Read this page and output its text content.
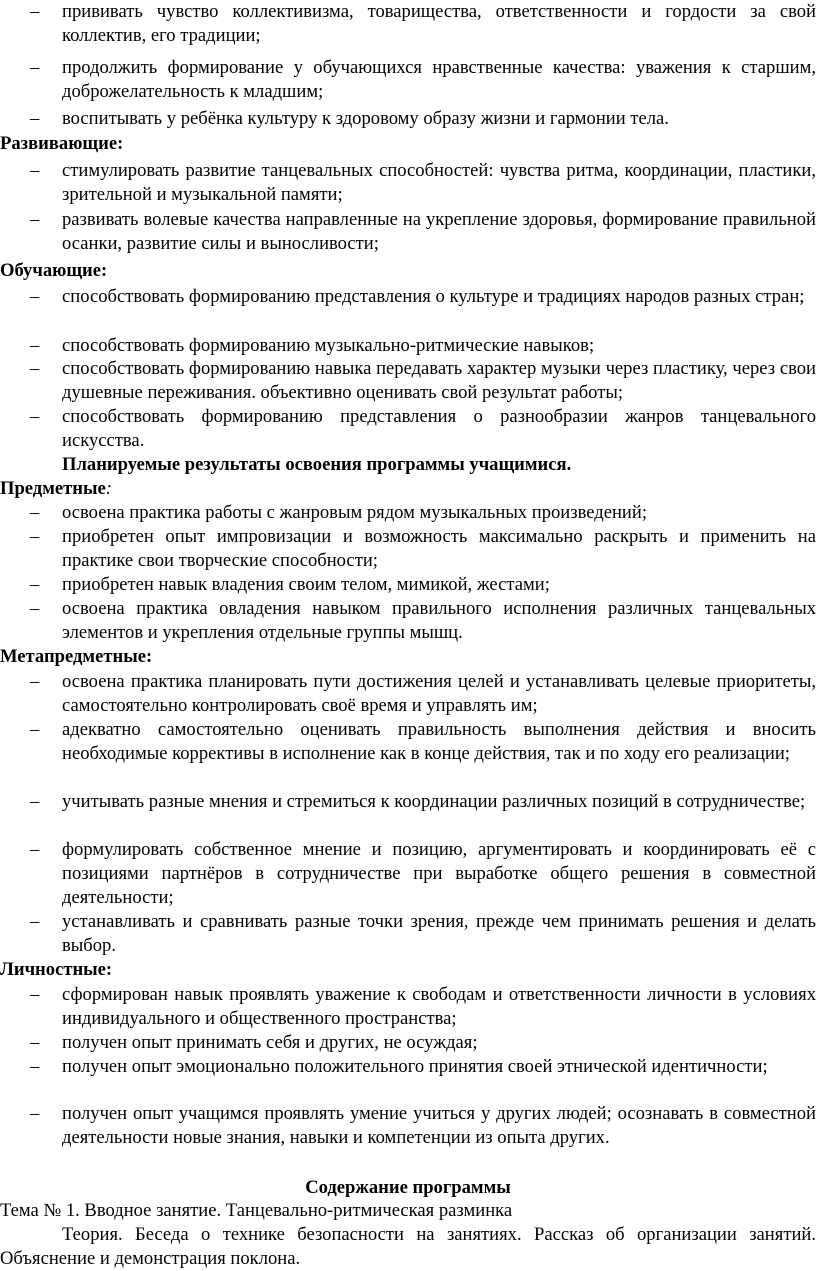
–	прививать чувство коллективизма, товарищества, ответственности и гордости за свой коллектив, его традиции;
–	продолжить формирование у обучающихся нравственные качества: уважения к старшим, доброжелательность к младшим;
–	воспитывать у ребёнка культуру к здоровому образу жизни и гармонии тела.
Развивающие:
–	стимулировать развитие танцевальных способностей: чувства ритма, координации, пластики, зрительной и музыкальной памяти;
–	развивать волевые качества направленные на укрепление здоровья, формирование правильной осанки, развитие силы и выносливости;
Обучающие:
–	способствовать формированию представления о культуре и традициях народов разных стран;
–	способствовать формированию музыкально-ритмические навыков;
–	способствовать формированию навыка передавать характер музыки через пластику, через свои душевные переживания. объективно оценивать свой результат работы;
–	способствовать формированию представления о разнообразии жанров танцевального искусства.
Планируемые результаты освоения программы учащимися.
Предметные:
–	освоена практика работы с жанровым рядом музыкальных произведений;
–	приобретен опыт импровизации и возможность максимально раскрыть и применить на практике свои творческие способности;
–	приобретен навык владения своим телом, мимикой, жестами;
–	освоена практика овладения навыком правильного исполнения различных танцевальных элементов и укрепления отдельные группы мышц.
Метапредметные:
–	освоена практика планировать пути достижения целей и устанавливать целевые приоритеты, самостоятельно контролировать своё время и управлять им;
–	адекватно самостоятельно оценивать правильность выполнения действия и вносить необходимые коррективы в исполнение как в конце действия, так и по ходу его реализации;
–	учитывать разные мнения и стремиться к координации различных позиций в сотрудничестве;
–	формулировать собственное мнение и позицию, аргументировать и координировать её с позициями партнёров в сотрудничестве при выработке общего решения в совместной деятельности;
–	устанавливать и сравнивать разные точки зрения, прежде чем принимать решения и делать выбор.
Личностные:
–	сформирован навык проявлять уважение к свободам и ответственности личности в условиях индивидуального и общественного пространства;
–	получен опыт принимать себя и других, не осуждая;
–	получен опыт эмоционально положительного принятия своей этнической идентичности;
–	получен опыт учащимся проявлять умение учиться у других людей; осознавать в совместной деятельности новые знания, навыки и компетенции из опыта других.
Содержание программы
Тема № 1. Вводное занятие. Танцевально-ритмическая разминка
Теория. Беседа о технике безопасности на занятиях. Рассказ об организации занятий. Объяснение и демонстрация поклона.
